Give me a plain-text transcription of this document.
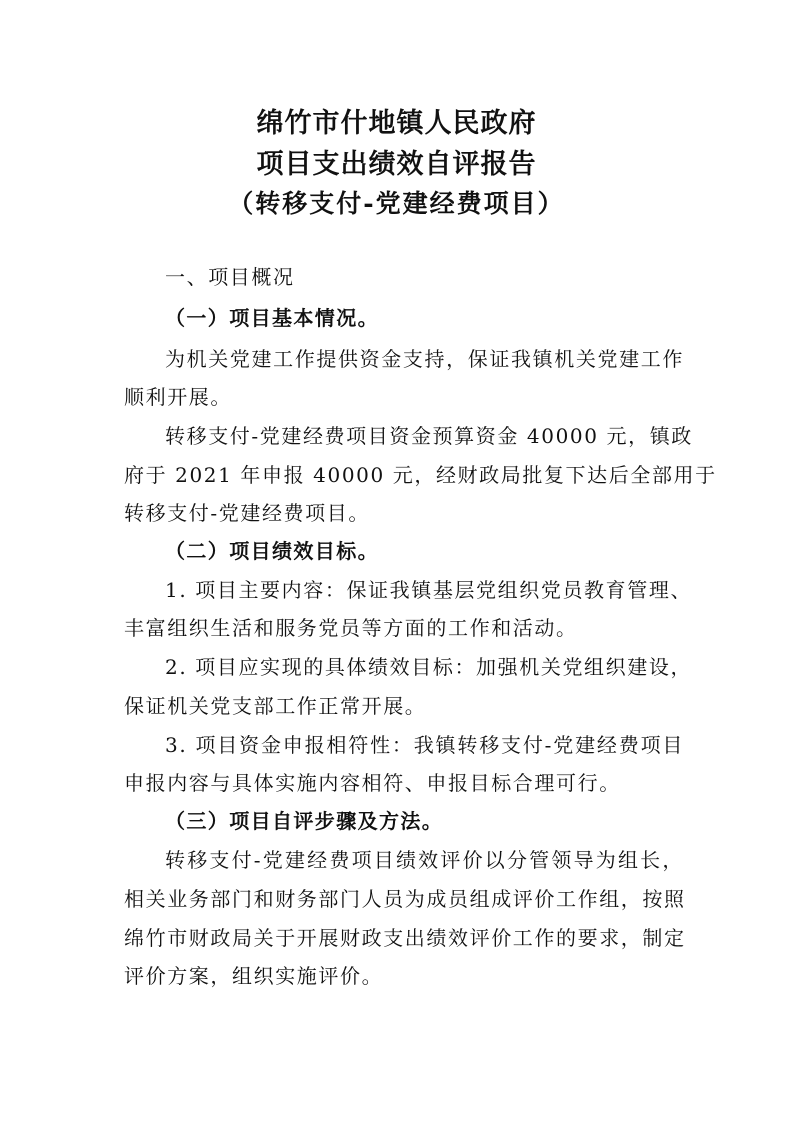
绵竹市什地镇人民政府
项目支出绩效自评报告
（转移支付-党建经费项目）

一、项目概况

（一）项目基本情况。

为机关党建工作提供资金支持，保证我镇机关党建工作

顺利开展。

转移支付-党建经费项目资金预算资金 40000 元，镇政

府于 2021 年申报 40000 元，经财政局批复下达后全部用于

转移支付-党建经费项目。

（二）项目绩效目标。

1. 项目主要内容：保证我镇基层党组织党员教育管理、

丰富组织生活和服务党员等方面的工作和活动。

2. 项目应实现的具体绩效目标：加强机关党组织建设，

保证机关党支部工作正常开展。

3. 项目资金申报相符性：我镇转移支付-党建经费项目

申报内容与具体实施内容相符、申报目标合理可行。

（三）项目自评步骤及方法。

转移支付-党建经费项目绩效评价以分管领导为组长，

相关业务部门和财务部门人员为成员组成评价工作组，按照

绵竹市财政局关于开展财政支出绩效评价工作的要求，制定

评价方案，组织实施评价。
